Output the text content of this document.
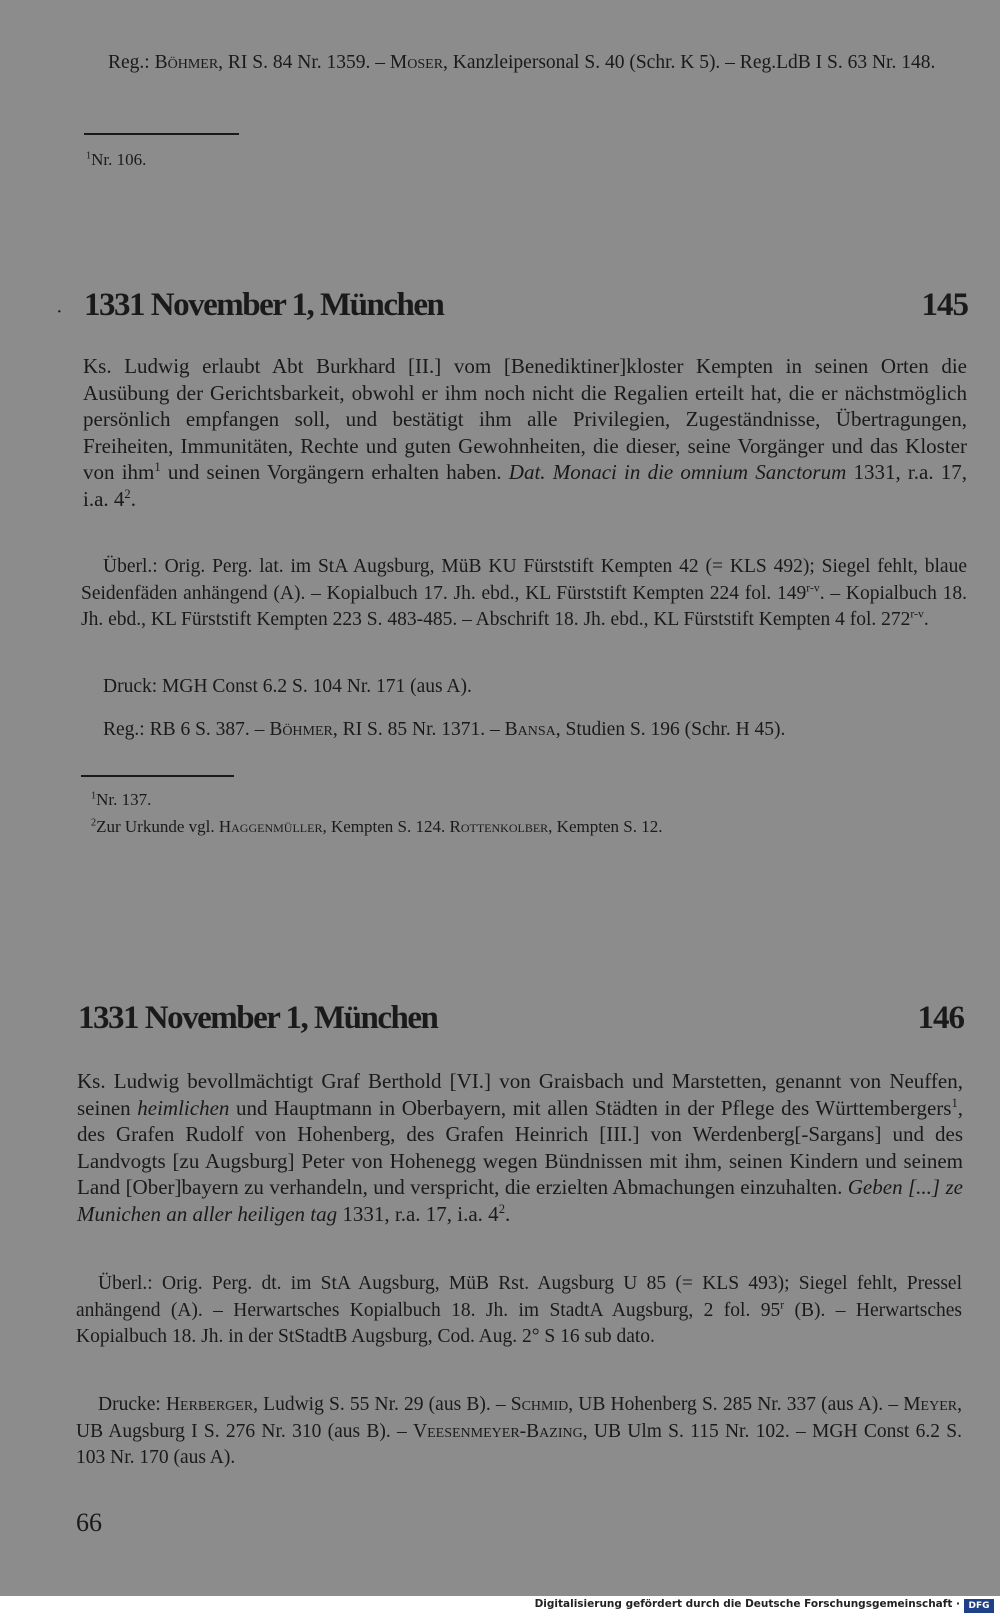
Reg.: Böhmer, RI S. 84 Nr. 1359. – Moser, Kanzleipersonal S. 40 (Schr. K 5). – Reg.LdB I S. 63 Nr. 148.

$^1$Nr. 106.

· 1331 November 1, München	145

Ks. Ludwig erlaubt Abt Burkhard [II.] vom [Benediktiner]kloster Kempten in seinen Orten die Ausübung der Gerichtsbarkeit, obwohl er ihm noch nicht die Regalien erteilt hat, die er nächstmöglich persönlich empfangen soll, und bestätigt ihm alle Privilegien, Zugeständnisse, Übertragungen, Freiheiten, Immunitäten, Rechte und guten Gewohnheiten, die dieser, seine Vorgänger und das Kloster von ihm$^1$ und seinen Vorgängern erhalten haben. Dat. Monaci in die omnium Sanctorum 1331, r.a. 17, i.a. $4^2$.

Überl.: Orig. Perg. lat. im StA Augsburg, MüB KU Fürststift Kempten 42 (= KLS 492); Siegel fehlt, blaue Seidenfäden anhängend (A). – Kopialbuch 17. Jh. ebd., KL Fürststift Kempten 224 fol. 149$^{r-v}$. – Kopialbuch 18. Jh. ebd., KL Fürststift Kempten 223 S. 483-485. – Abschrift 18. Jh. ebd., KL Fürststift Kempten 4 fol. 272$^{r-v}$.

Druck: MGH Const 6.2 S. 104 Nr. 171 (aus A).

Reg.: RB 6 S. 387. – Böhmer, RI S. 85 Nr. 1371. – Bansa, Studien S. 196 (Schr. H 45).

$^1$Nr. 137.

$^2$Zur Urkunde vgl. Haggenmüller, Kempten S. 124. Rottenkolber, Kempten S. 12.

1331 November 1, München	146

Ks. Ludwig bevollmächtigt Graf Berthold [VI.] von Graisbach und Marstetten, genannt von Neuffen, seinen heimlichen und Hauptmann in Oberbayern, mit allen Städten in der Pflege des Württembergers$^1$, des Grafen Rudolf von Hohenberg, des Grafen Heinrich [III.] von Werdenberg[-Sargans] und des Landvogts [zu Augsburg] Peter von Hohenegg wegen Bündnissen mit ihm, seinen Kindern und seinem Land [Ober]bayern zu verhandeln, und verspricht, die erzielten Abmachungen einzuhalten. Geben [...] ze Munichen an aller heiligen tag 1331, r.a. 17, i.a. $4^2$.

Überl.: Orig. Perg. dt. im StA Augsburg, MüB Rst. Augsburg U 85 (= KLS 493); Siegel fehlt, Pressel anhängend (A). – Herwartsches Kopialbuch 18. Jh. im StadtA Augsburg, 2 fol. 95$^r$ (B). – Herwartsches Kopialbuch 18. Jh. in der StStadtB Augsburg, Cod. Aug. 2° S 16 sub dato.

Drucke: Herberger, Ludwig S. 55 Nr. 29 (aus B). – Schmid, UB Hohenberg S. 285 Nr. 337 (aus A). – Meyer, UB Augsburg I S. 276 Nr. 310 (aus B). – Veesenmeyer-Bazing, UB Ulm S. 115 Nr. 102. – MGH Const 6.2 S. 103 Nr. 170 (aus A).

66

Digitalisierung gefördert durch die Deutsche Forschungsgemeinschaft · DFG
